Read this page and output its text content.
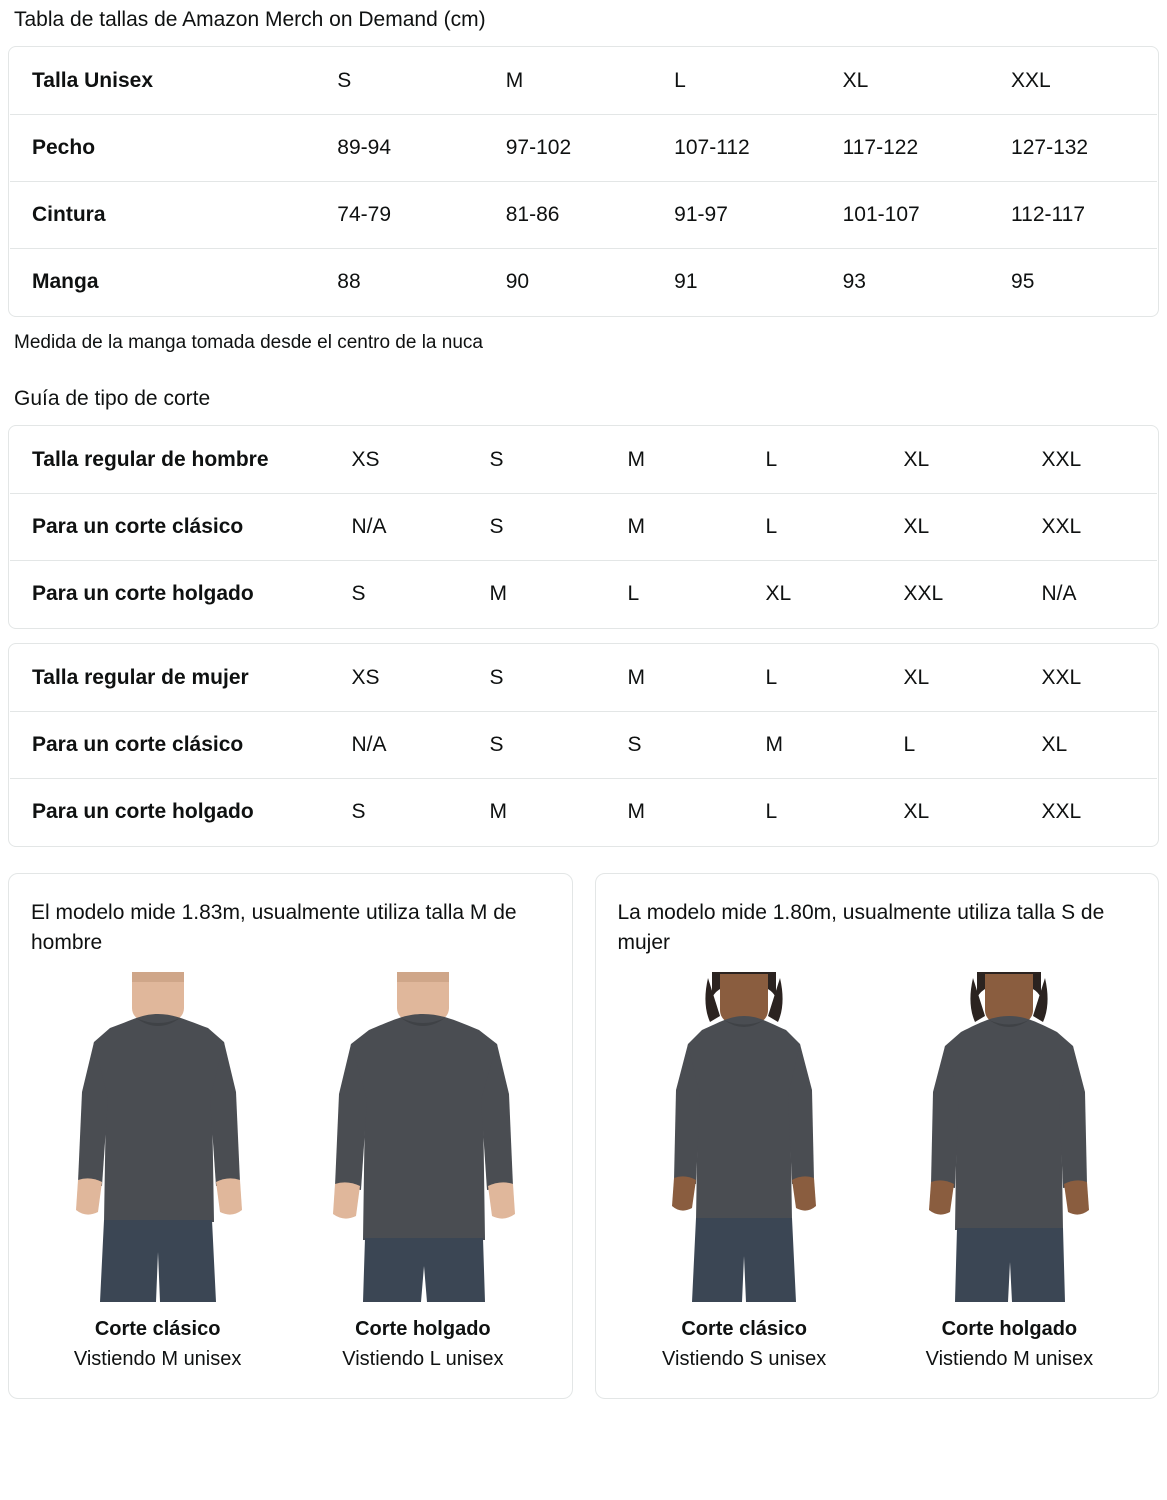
Tabla de tallas de Amazon Merch on Demand (cm)
Talla Unisex	S	M	L	XL	XXL
Pecho	89-94	97-102	107-112	117-122	127-132
Cintura	74-79	81-86	91-97	101-107	112-117
Manga	88	90	91	93	95
Medida de la manga tomada desde el centro de la nuca
Guía de tipo de corte
Talla regular de hombre	XS	S	M	L	XL	XXL
Para un corte clásico	N/A	S	M	L	XL	XXL
Para un corte holgado	S	M	L	XL	XXL	N/A
Talla regular de mujer	XS	S	M	L	XL	XXL
Para un corte clásico	N/A	S	S	M	L	XL
Para un corte holgado	S	M	M	L	XL	XXL
El modelo mide 1.83m, usualmente utiliza talla M de hombre
Corte clásico
Vistiendo M unisex
Corte holgado
Vistiendo L unisex
La modelo mide 1.80m, usualmente utiliza talla S de mujer
Corte clásico
Vistiendo S unisex
Corte holgado
Vistiendo M unisex
